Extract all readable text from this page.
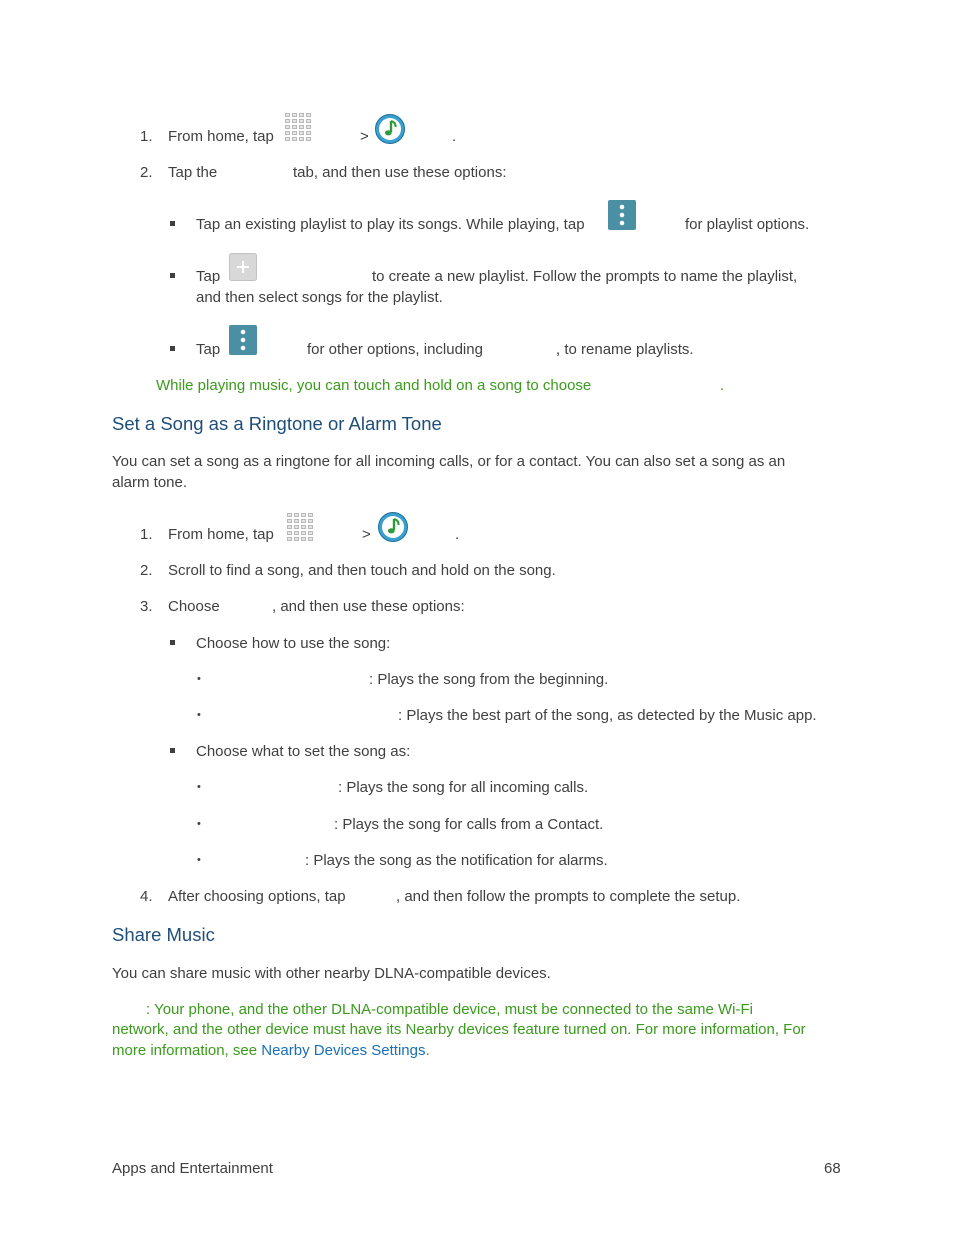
1. From home, tap	>	.
2. Tap the	tab, and then use these options:
Tap an existing playlist to play its songs. While playing, tap	for playlist options.
Tap	to create a new playlist. Follow the prompts to name the playlist,
and then select songs for the playlist.
Tap	for other options, including	, to rename playlists.
While playing music, you can touch and hold on a song to choose	.
Set a Song as a Ringtone or Alarm Tone
You can set a song as a ringtone for all incoming calls, or for a contact. You can also set a song as an
alarm tone.
1. From home, tap	>	.
2. Scroll to find a song, and then touch and hold on the song.
3. Choose	, and then use these options:
Choose how to use the song:
•	: Plays the song from the beginning.
•	: Plays the best part of the song, as detected by the Music app.
Choose what to set the song as:
•	: Plays the song for all incoming calls.
•	: Plays the song for calls from a Contact.
•	: Plays the song as the notification for alarms.
4. After choosing options, tap	, and then follow the prompts to complete the setup.
Share Music
You can share music with other nearby DLNA-compatible devices.
: Your phone, and the other DLNA-compatible device, must be connected to the same Wi-Fi
network, and the other device must have its Nearby devices feature turned on. For more information, For
more information, see Nearby Devices Settings.
Apps and Entertainment	68
